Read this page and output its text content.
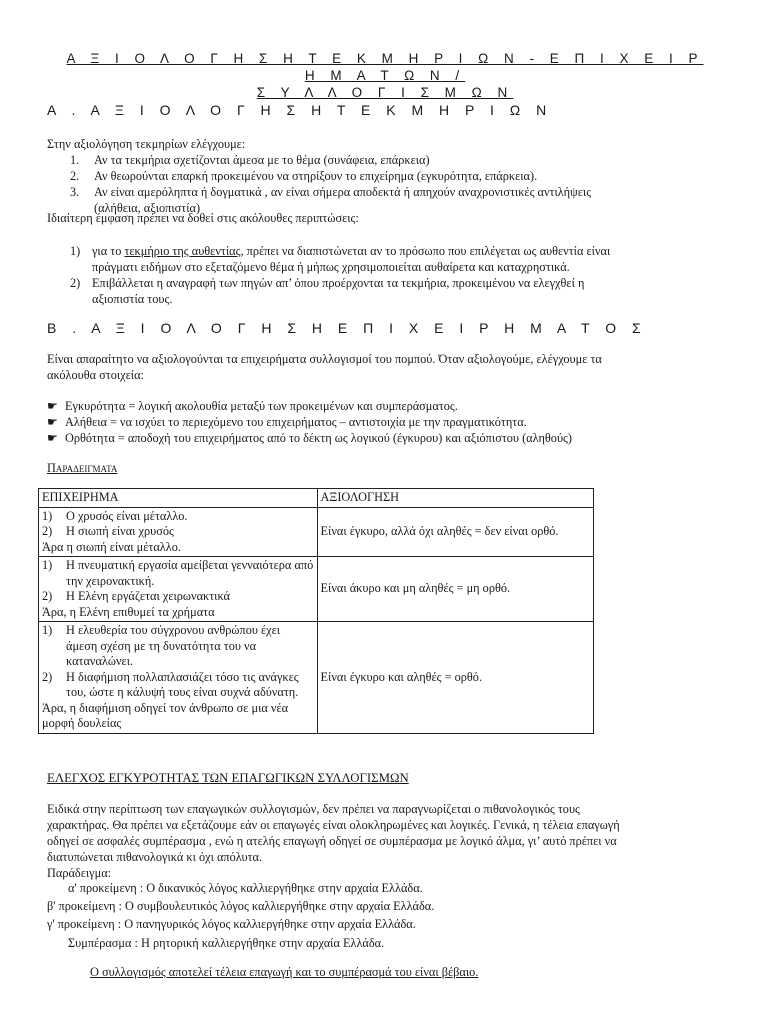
Α Ξ Ι Ο Λ Ο Γ Η Σ Η Τ Ε Κ Μ Η Ρ Ι Ω Ν - Ε Π Ι Χ Ε Ι Ρ Η Μ Α Τ Ω Ν /
Σ Υ Λ Λ Ο Γ Ι Σ Μ Ω Ν
Α . Α Ξ Ι Ο Λ Ο Γ Η Σ Η Τ Ε Κ Μ Η Ρ Ι Ω Ν
Στην αξιολόγηση τεκμηρίων ελέγχουμε:
1. Αν τα τεκμήρια σχετίζονται άμεσα με το θέμα (συνάφεια, επάρκεια)
2. Αν θεωρούνται επαρκή προκειμένου να στηρίξουν το επιχείρημα (εγκυρότητα, επάρκεια).
3. Αν είναι αμερόληπτα ή δογματικά , αν είναι σήμερα αποδεκτά ή απηχούν αναχρονιστικές αντιλήψεις
(αλήθεια, αξιοπιστία)
Ιδιαίτερη έμφαση πρέπει να δοθεί στις ακόλουθες περιπτώσεις:
1) για το τεκμήριο της αυθεντίας, πρέπει να διαπιστώνεται αν το πρόσωπο που επιλέγεται ως αυθεντία είναι
πράγματι ειδήμων στο εξεταζόμενο θέμα ή μήπως χρησιμοποιείται αυθαίρετα και καταχρηστικά.
2) Επιβάλλεται η αναγραφή των πηγών απ’ όπου προέρχονται τα τεκμήρια, προκειμένου να ελεγχθεί η
αξιοπιστία τους.
Β . Α Ξ Ι Ο Λ Ο Γ Η Σ Η Ε Π Ι Χ Ε Ι Ρ Η Μ Α Τ Ο Σ
Είναι απαραίτητο να αξιολογούνται τα επιχειρήματα συλλογισμοί του πομπού. Όταν αξιολογούμε, ελέγχουμε τα
ακόλουθα στοιχεία:
☛ Εγκυρότητα = λογική ακολουθία μεταξύ των προκειμένων και συμπεράσματος.
☛ Αλήθεια = να ισχύει το περιεχόμενο του επιχειρήματος – αντιστοιχία με την πραγματικότητα.
☛ Ορθότητα = αποδοχή του επιχειρήματος από το δέκτη ως λογικού (έγκυρου) και αξιόπιστου (αληθούς)
Παραδειγματα
ΕΠΙΧΕΙΡΗΜΑ	ΑΞΙΟΛΟΓΗΣΗ

1) Ο χρυσός είναι μέταλλο.
2) Η σιωπή είναι χρυσός
Άρα η σιωπή είναι μέταλλο.	Είναι έγκυρο, αλλά όχι αληθές = δεν είναι ορθό.

1) Η πνευματική εργασία αμείβεται γενναιότερα από την χειρονακτική.
2) Η Ελένη εργάζεται χειρωνακτικά
Άρα, η Ελένη επιθυμεί τα χρήματα	Είναι άκυρο και μη αληθές = μη ορθό.

1) Η ελευθερία του σύγχρονου ανθρώπου έχει άμεση σχέση με τη δυνατότητα του να καταναλώνει.
2) Η διαφήμιση πολλαπλασιάζει τόσο τις ανάγκες του, ώστε η κάλυψή τους είναι συχνά αδύνατη.
Άρα, η διαφήμιση οδηγεί τον άνθρωπο σε μια νέα μορφή δουλείας	Είναι έγκυρο και αληθές = ορθό.
ΕΛΕΓΧΟΣ ΕΓΚΥΡΟΤΗΤΑΣ ΤΩΝ ΕΠΑΓΩΓΙΚΩΝ ΣΥΛΛΟΓΙΣΜΩΝ
Ειδικά στην περίπτωση των επαγωγικών συλλογισμών, δεν πρέπει να παραγνωρίζεται ο πιθανολογικός τους
χαρακτήρας. Θα πρέπει να εξετάζουμε εάν οι επαγωγές είναι ολοκληρωμένες και λογικές. Γενικά, η τέλεια επαγωγή
οδηγεί σε ασφαλές συμπέρασμα , ενώ η ατελής επαγωγή οδηγεί σε συμπέρασμα με λογικό άλμα, γι’ αυτό πρέπει να
διατυπώνεται πιθανολογικά κι όχι απόλυτα.
Παράδειγμα:
α' προκείμενη : Ο δικανικός λόγος καλλιεργήθηκε στην αρχαία Ελλάδα.
β' προκείμενη : Ο συμβουλευτικός λόγος καλλιεργήθηκε στην αρχαία Ελλάδα.
γ' προκείμενη : Ο πανηγυρικός λόγος καλλιεργήθηκε στην αρχαία Ελλάδα.
Συμπέρασμα : Η ρητορική καλλιεργήθηκε στην αρχαία Ελλάδα.
Ο συλλογισμός αποτελεί τέλεια επαγωγή και το συμπέρασμά του είναι βέβαιο.
